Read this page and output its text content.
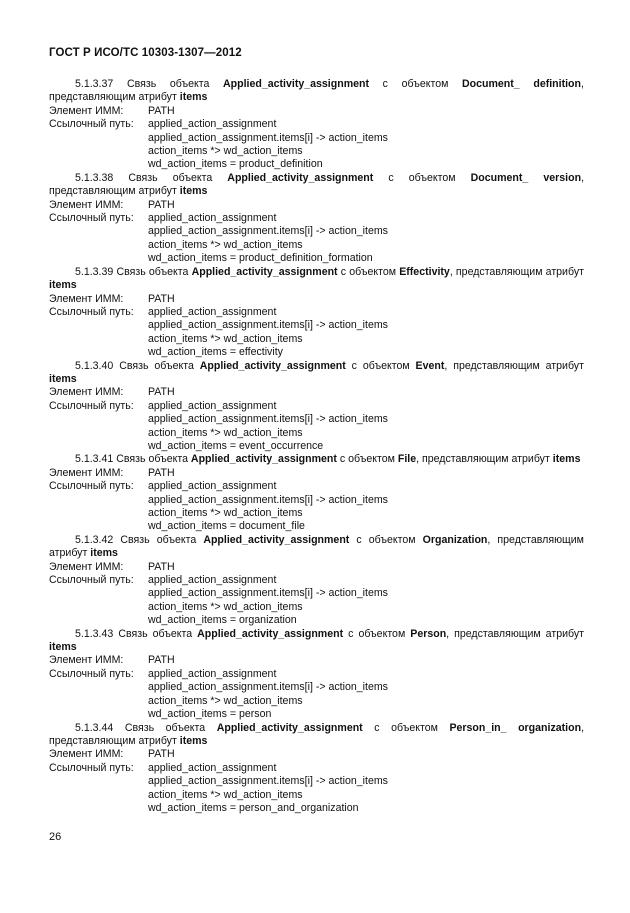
ГОСТ Р ИСО/ТС 10303-1307—2012
5.1.3.37 Связь объекта Applied_activity_assignment с объектом Document_ definition, представляющим атрибут items
Элемент ИММ:	PATH
Ссылочный путь:	applied_action_assignment
applied_action_assignment.items[i] -> action_items
action_items *> wd_action_items
wd_action_items = product_definition
5.1.3.38 Связь объекта Applied_activity_assignment с объектом Document_ version, представляющим атрибут items
Элемент ИММ:	PATH
Ссылочный путь:	applied_action_assignment
applied_action_assignment.items[i] -> action_items
action_items *> wd_action_items
wd_action_items = product_definition_formation
5.1.3.39 Связь объекта Applied_activity_assignment с объектом Effectivity, представляющим атрибут items
Элемент ИММ:	PATH
Ссылочный путь:	applied_action_assignment
applied_action_assignment.items[i] -> action_items
action_items *> wd_action_items
wd_action_items = effectivity
5.1.3.40 Связь объекта Applied_activity_assignment с объектом Event, представляющим атрибут items
Элемент ИММ:	PATH
Ссылочный путь:	applied_action_assignment
applied_action_assignment.items[i] -> action_items
action_items *> wd_action_items
wd_action_items = event_occurrence
5.1.3.41 Связь объекта Applied_activity_assignment с объектом File, представляющим атрибут items
Элемент ИММ:	PATH
Ссылочный путь:	applied_action_assignment
applied_action_assignment.items[i] -> action_items
action_items *> wd_action_items
wd_action_items = document_file
5.1.3.42 Связь объекта Applied_activity_assignment с объектом Organization, представляющим атрибут items
Элемент ИММ:	PATH
Ссылочный путь:	applied_action_assignment
applied_action_assignment.items[i] -> action_items
action_items *> wd_action_items
wd_action_items = organization
5.1.3.43 Связь объекта Applied_activity_assignment с объектом Person, представляющим атрибут items
Элемент ИММ:	PATH
Ссылочный путь:	applied_action_assignment
applied_action_assignment.items[i] -> action_items
action_items *> wd_action_items
wd_action_items = person
5.1.3.44 Связь объекта Applied_activity_assignment с объектом Person_in_ organization, представляющим атрибут items
Элемент ИММ:	PATH
Ссылочный путь:	applied_action_assignment
applied_action_assignment.items[i] -> action_items
action_items *> wd_action_items
wd_action_items = person_and_organization
26
